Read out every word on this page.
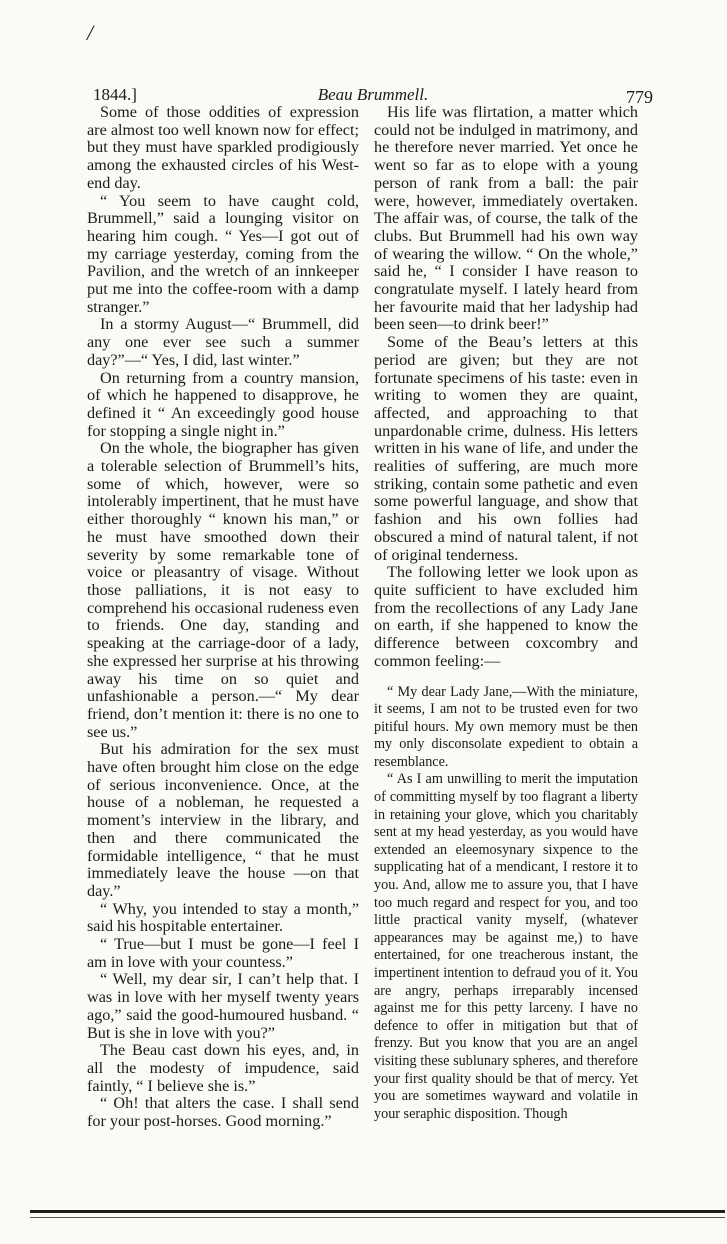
/
1844.]	Beau Brummell.	779

Some of those oddities of expression are almost too well known now for effect; but they must have sparkled prodigiously among the exhausted circles of his West-end day.

“ You seem to have caught cold, Brummell,” said a lounging visitor on hearing him cough. “ Yes—I got out of my carriage yesterday, coming from the Pavilion, and the wretch of an innkeeper put me into the coffee-room with a damp stranger.”

In a stormy August—“ Brummell, did any one ever see such a summer day?”—“ Yes, I did, last winter.”

On returning from a country mansion, of which he happened to disapprove, he defined it “ An exceedingly good house for stopping a single night in.”

On the whole, the biographer has given a tolerable selection of Brummell’s hits, some of which, however, were so intolerably impertinent, that he must have either thoroughly “ known his man,” or he must have smoothed down their severity by some remarkable tone of voice or pleasantry of visage. Without those palliations, it is not easy to comprehend his occasional rudeness even to friends. One day, standing and speaking at the carriage-door of a lady, she expressed her surprise at his throwing away his time on so quiet and unfashionable a person.—“ My dear friend, don’t mention it: there is no one to see us.”

But his admiration for the sex must have often brought him close on the edge of serious inconvenience. Once, at the house of a nobleman, he requested a moment’s interview in the library, and then and there communicated the formidable intelligence, “ that he must immediately leave the house —on that day.”

“ Why, you intended to stay a month,” said his hospitable entertainer.

“ True—but I must be gone—I feel I am in love with your countess.”

“ Well, my dear sir, I can’t help that. I was in love with her myself twenty years ago,” said the good-humoured husband. “ But is she in love with you?”

The Beau cast down his eyes, and, in all the modesty of impudence, said faintly, “ I believe she is.”

“ Oh! that alters the case. I shall send for your post-horses. Good morning.”

His life was flirtation, a matter which could not be indulged in matrimony, and he therefore never married. Yet once he went so far as to elope with a young person of rank from a ball: the pair were, however, immediately overtaken. The affair was, of course, the talk of the clubs. But Brummell had his own way of wearing the willow. “ On the whole,” said he, “ I consider I have reason to congratulate myself. I lately heard from her favourite maid that her ladyship had been seen—to drink beer!”

Some of the Beau’s letters at this period are given; but they are not fortunate specimens of his taste: even in writing to women they are quaint, affected, and approaching to that unpardonable crime, dulness. His letters written in his wane of life, and under the realities of suffering, are much more striking, contain some pathetic and even some powerful language, and show that fashion and his own follies had obscured a mind of natural talent, if not of original tenderness.

The following letter we look upon as quite sufficient to have excluded him from the recollections of any Lady Jane on earth, if she happened to know the difference between coxcombry and common feeling:—

“ My dear Lady Jane,—With the miniature, it seems, I am not to be trusted even for two pitiful hours. My own memory must be then my only disconsolate expedient to obtain a resemblance.

“ As I am unwilling to merit the imputation of committing myself by too flagrant a liberty in retaining your glove, which you charitably sent at my head yesterday, as you would have extended an eleemosynary sixpence to the supplicating hat of a mendicant, I restore it to you. And, allow me to assure you, that I have too much regard and respect for you, and too little practical vanity myself, (whatever appearances may be against me,) to have entertained, for one treacherous instant, the impertinent intention to defraud you of it. You are angry, perhaps irreparably incensed against me for this petty larceny. I have no defence to offer in mitigation but that of frenzy. But you know that you are an angel visiting these sublunary spheres, and therefore your first quality should be that of mercy. Yet you are sometimes wayward and volatile in your seraphic disposition. Though
